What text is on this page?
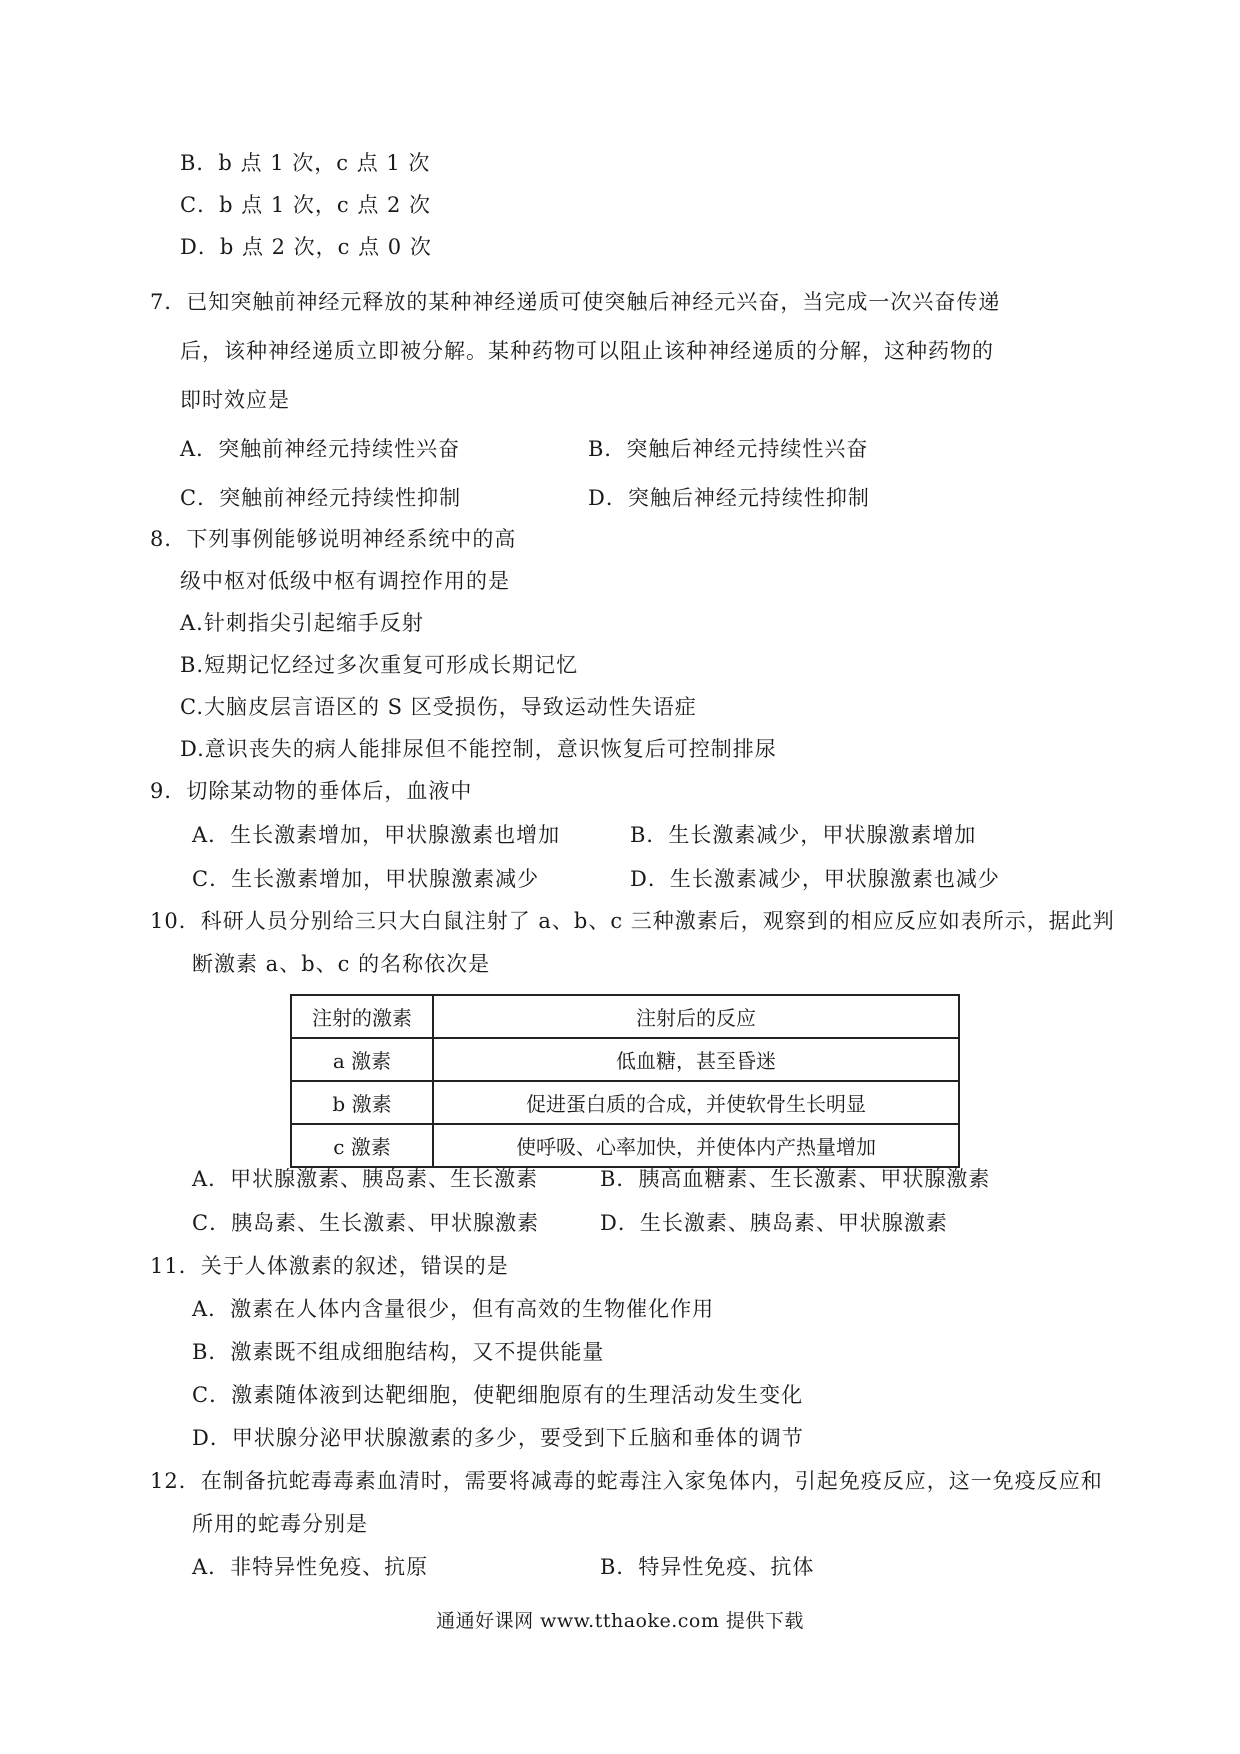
B．b 点 1 次，c 点 1 次
C．b 点 1 次，c 点 2 次
D．b 点 2 次，c 点 0 次
7．已知突触前神经元释放的某种神经递质可使突触后神经元兴奋，当完成一次兴奋传递
后，该种神经递质立即被分解。某种药物可以阻止该种神经递质的分解，这种药物的
即时效应是
A．突触前神经元持续性兴奋	B．突触后神经元持续性兴奋
C．突触前神经元持续性抑制	D．突触后神经元持续性抑制
8．下列事例能够说明神经系统中的高
级中枢对低级中枢有调控作用的是
A.针刺指尖引起缩手反射
B.短期记忆经过多次重复可形成长期记忆
C.大脑皮层言语区的 S 区受损伤，导致运动性失语症
D.意识丧失的病人能排尿但不能控制，意识恢复后可控制排尿
9．切除某动物的垂体后，血液中
A．生长激素增加，甲状腺激素也增加	B．生长激素减少，甲状腺激素增加
C．生长激素增加，甲状腺激素减少	D．生长激素减少，甲状腺激素也减少
10．科研人员分别给三只大白鼠注射了 a、b、c 三种激素后，观察到的相应反应如表所示，据此判
断激素 a、b、c 的名称依次是
注射的激素	注射后的反应
a 激素	低血糖，甚至昏迷
b 激素	促进蛋白质的合成，并使软骨生长明显
c 激素	使呼吸、心率加快，并使体内产热量增加
A．甲状腺激素、胰岛素、生长激素	B．胰高血糖素、生长激素、甲状腺激素
C．胰岛素、生长激素、甲状腺激素	D．生长激素、胰岛素、甲状腺激素
11．关于人体激素的叙述，错误的是
A．激素在人体内含量很少，但有高效的生物催化作用
B．激素既不组成细胞结构，又不提供能量
C．激素随体液到达靶细胞，使靶细胞原有的生理活动发生变化
D．甲状腺分泌甲状腺激素的多少，要受到下丘脑和垂体的调节
12．在制备抗蛇毒毒素血清时，需要将减毒的蛇毒注入家兔体内，引起免疫反应，这一免疫反应和
所用的蛇毒分别是
A．非特异性免疫、抗原	B．特异性免疫、抗体
通通好课网 www.tthaoke.com 提供下载
